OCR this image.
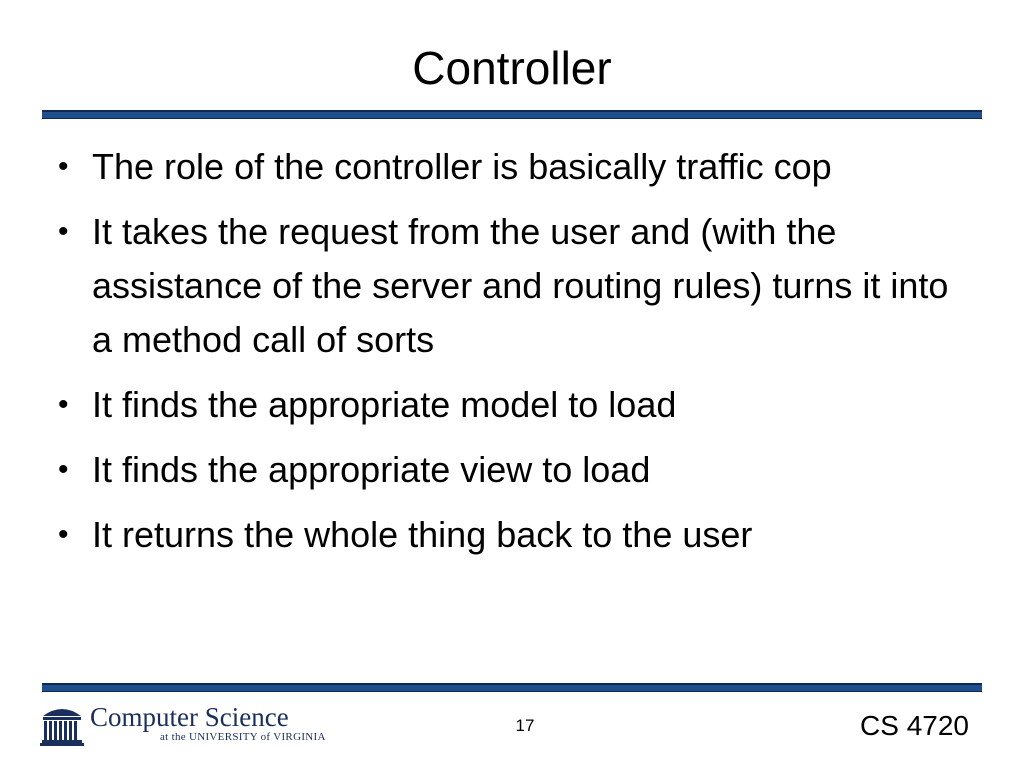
Controller
• The role of the controller is basically traffic cop
• It takes the request from the user and (with the assistance of the server and routing rules) turns it into a method call of sorts
• It finds the appropriate model to load
• It finds the appropriate view to load
• It returns the whole thing back to the user
Computer Science
at the UNIVERSITY of VIRGINIA
17	CS 4720
